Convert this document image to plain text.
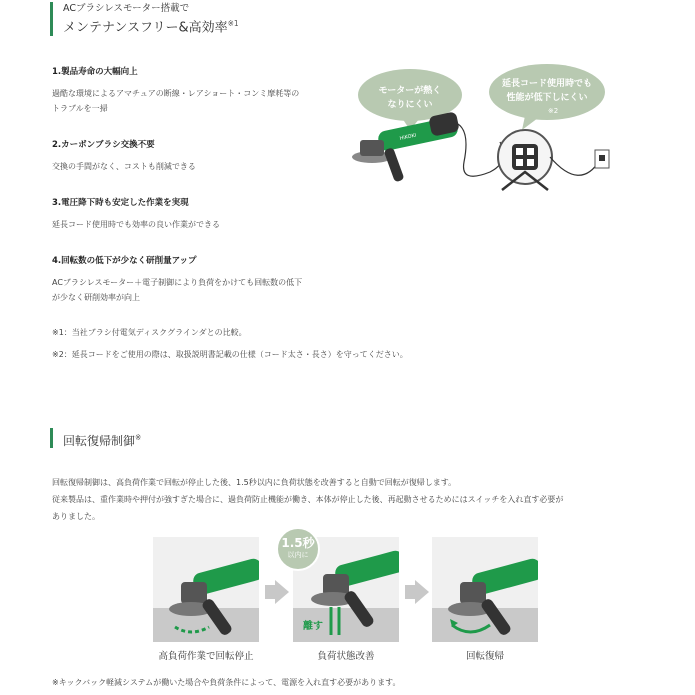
ACブラシレスモーター搭載で
メンテナンスフリー&高効率$^{※1}$
1.製品寿命の大幅向上

過酷な環境によるアマチュアの断線・レアショート・コンミ摩耗等の
トラブルを一掃

2.カーボンブラシ交換不要

交換の手間がなく、コストも削減できる

3.電圧降下時も安定した作業を実現

延長コード使用時でも効率の良い作業ができる

4.回転数の低下が少なく研削量アップ

ACブラシレスモーター＋電子制御により負荷をかけても回転数の低下
が少なく研削効率が向上

※1：当社ブラシ付電気ディスクグラインダとの比較。
※2：延長コードをご使用の際は、取扱説明書記載の仕様（コード太さ・長さ）を守ってください。
モーターが熱く
なりにくい
延長コード使用時でも
性能が低下しにくい
※2
HiKOKI
回転復帰制御※
回転復帰制御は、高負荷作業で回転が停止した後、1.5秒以内に負荷状態を改善すると自動で回転が復帰します。
従来製品は、重作業時や押付が強すぎた場合に、過負荷防止機能が働き、本体が停止した後、再起動させるためにはスイッチを入れ直す必要が
ありました。
離す
1.5秒
以内に
高負荷作業で回転停止	負荷状態改善	回転復帰
※キックバック軽減システムが働いた場合や負荷条件によって、電源を入れ直す必要があります。
